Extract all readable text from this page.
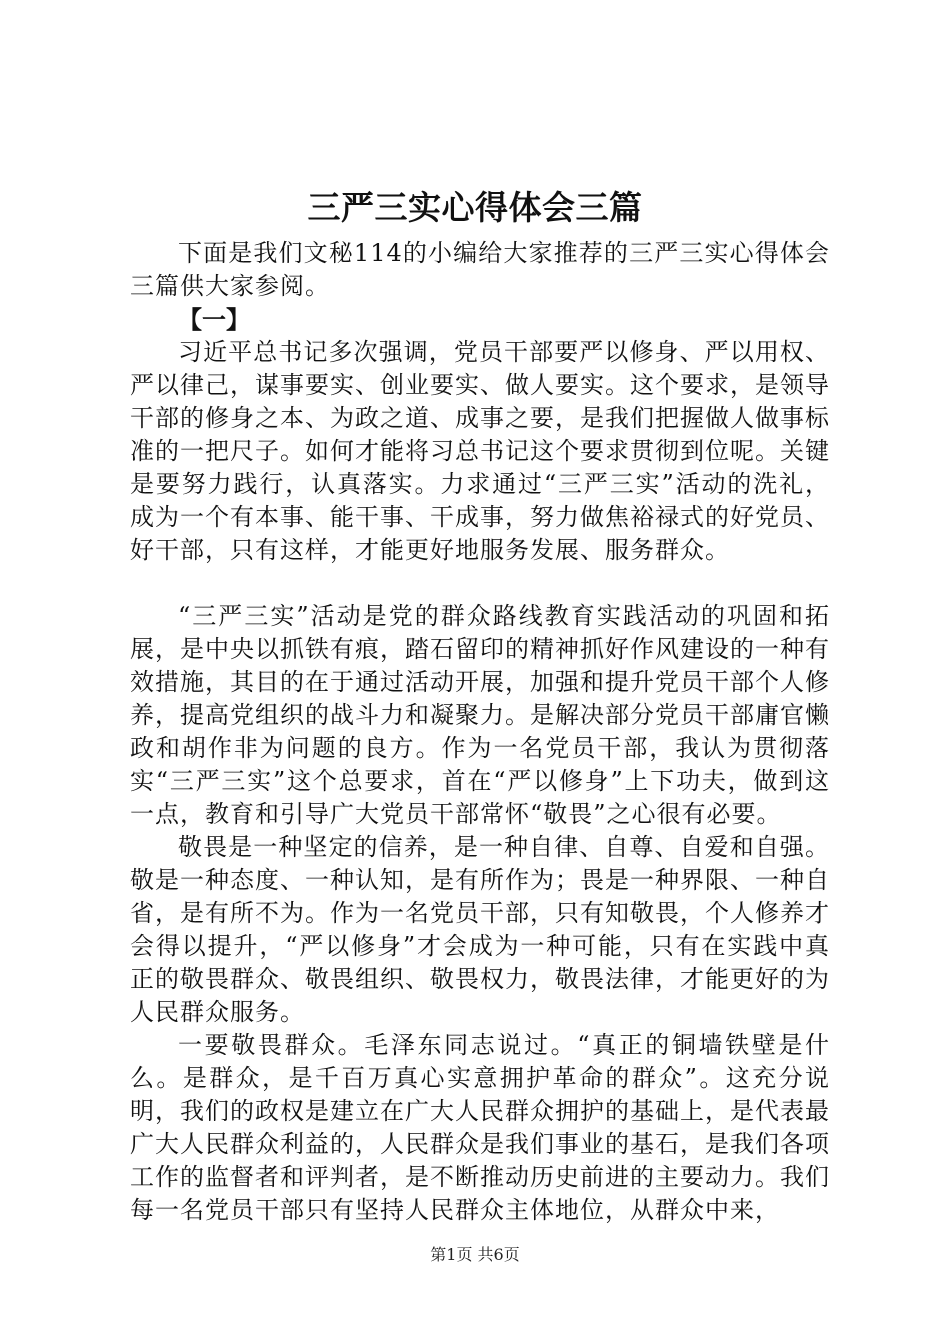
三严三实心得体会三篇

下面是我们文秘114的小编给大家推荐的三严三实心得体会三篇供大家参阅。

【一】

习近平总书记多次强调，党员干部要严以修身、严以用权、严以律己，谋事要实、创业要实、做人要实。这个要求，是领导干部的修身之本、为政之道、成事之要，是我们把握做人做事标准的一把尺子。如何才能将习总书记这个要求贯彻到位呢。关键是要努力践行，认真落实。力求通过“三严三实”活动的洗礼，成为一个有本事、能干事、干成事，努力做焦裕禄式的好党员、好干部，只有这样，才能更好地服务发展、服务群众。

“三严三实”活动是党的群众路线教育实践活动的巩固和拓展，是中央以抓铁有痕，踏石留印的精神抓好作风建设的一种有效措施，其目的在于通过活动开展，加强和提升党员干部个人修养，提高党组织的战斗力和凝聚力。是解决部分党员干部庸官懒政和胡作非为问题的良方。作为一名党员干部，我认为贯彻落实“三严三实”这个总要求，首在“严以修身”上下功夫，做到这一点，教育和引导广大党员干部常怀“敬畏”之心很有必要。

敬畏是一种坚定的信养，是一种自律、自尊、自爱和自强。敬是一种态度、一种认知，是有所作为；畏是一种界限、一种自省，是有所不为。作为一名党员干部，只有知敬畏，个人修养才会得以提升，“严以修身”才会成为一种可能，只有在实践中真正的敬畏群众、敬畏组织、敬畏权力，敬畏法律，才能更好的为人民群众服务。

一要敬畏群众。毛泽东同志说过。“真正的铜墙铁壁是什么。是群众，是千百万真心实意拥护革命的群众”。这充分说明，我们的政权是建立在广大人民群众拥护的基础上，是代表最广大人民群众利益的，人民群众是我们事业的基石，是我们各项工作的监督者和评判者，是不断推动历史前进的主要动力。我们每一名党员干部只有坚持人民群众主体地位，从群众中来，

第1页 共6页
